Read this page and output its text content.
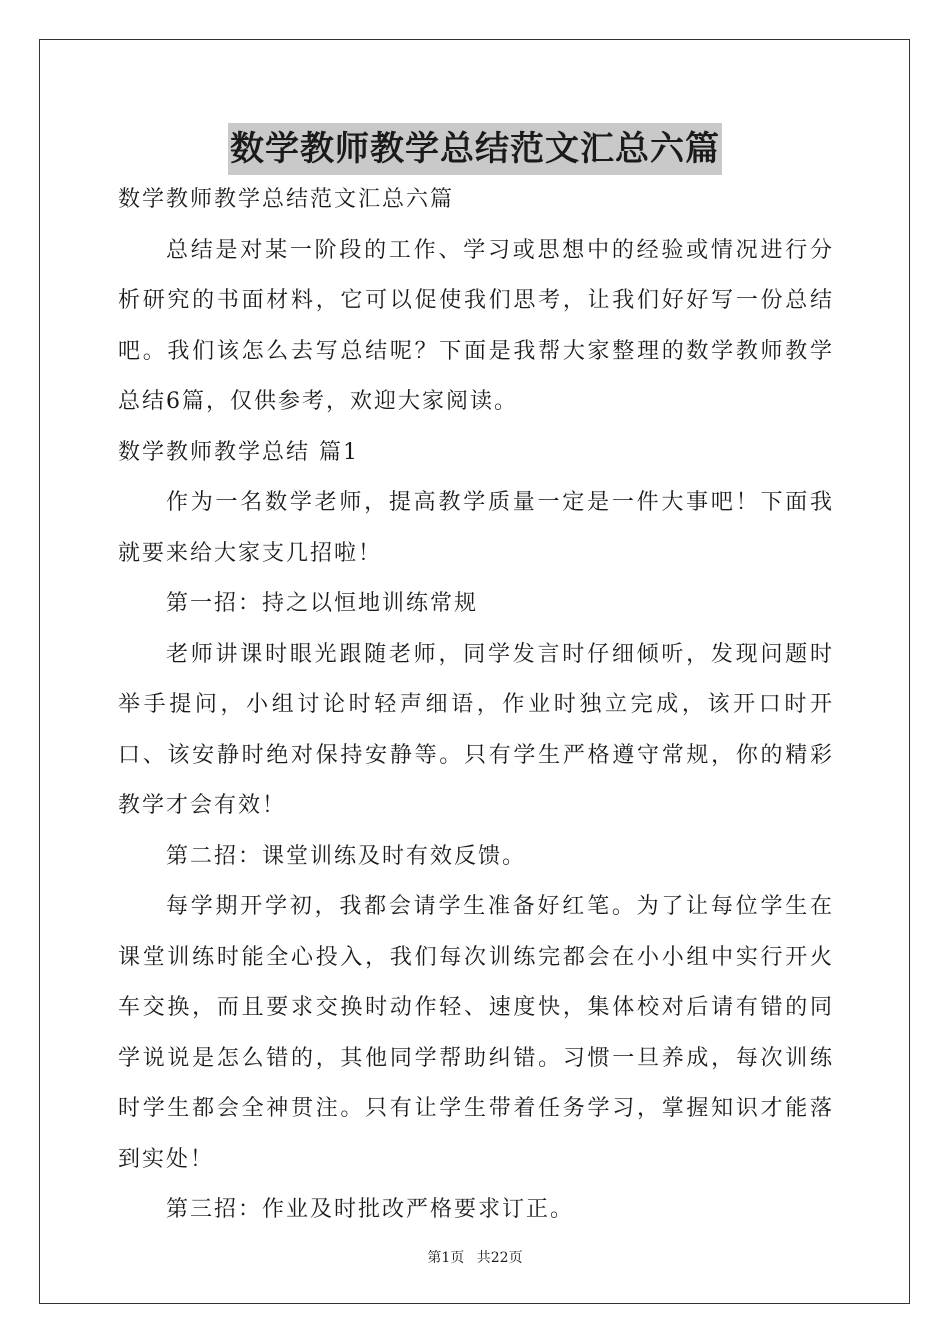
数学教师教学总结范文汇总六篇

数学教师教学总结范文汇总六篇

总结是对某一阶段的工作、学习或思想中的经验或情况进行分析研究的书面材料，它可以促使我们思考，让我们好好写一份总结吧。我们该怎么去写总结呢？下面是我帮大家整理的数学教师教学总结6篇，仅供参考，欢迎大家阅读。

数学教师教学总结 篇1

作为一名数学老师，提高教学质量一定是一件大事吧！下面我就要来给大家支几招啦！

第一招：持之以恒地训练常规

老师讲课时眼光跟随老师，同学发言时仔细倾听，发现问题时举手提问，小组讨论时轻声细语，作业时独立完成，该开口时开口、该安静时绝对保持安静等。只有学生严格遵守常规，你的精彩教学才会有效！

第二招：课堂训练及时有效反馈。

每学期开学初，我都会请学生准备好红笔。为了让每位学生在课堂训练时能全心投入，我们每次训练完都会在小小组中实行开火车交换，而且要求交换时动作轻、速度快，集体校对后请有错的同学说说是怎么错的，其他同学帮助纠错。习惯一旦养成，每次训练时学生都会全神贯注。只有让学生带着任务学习，掌握知识才能落到实处！

第三招：作业及时批改严格要求订正。

第1页 共22页
